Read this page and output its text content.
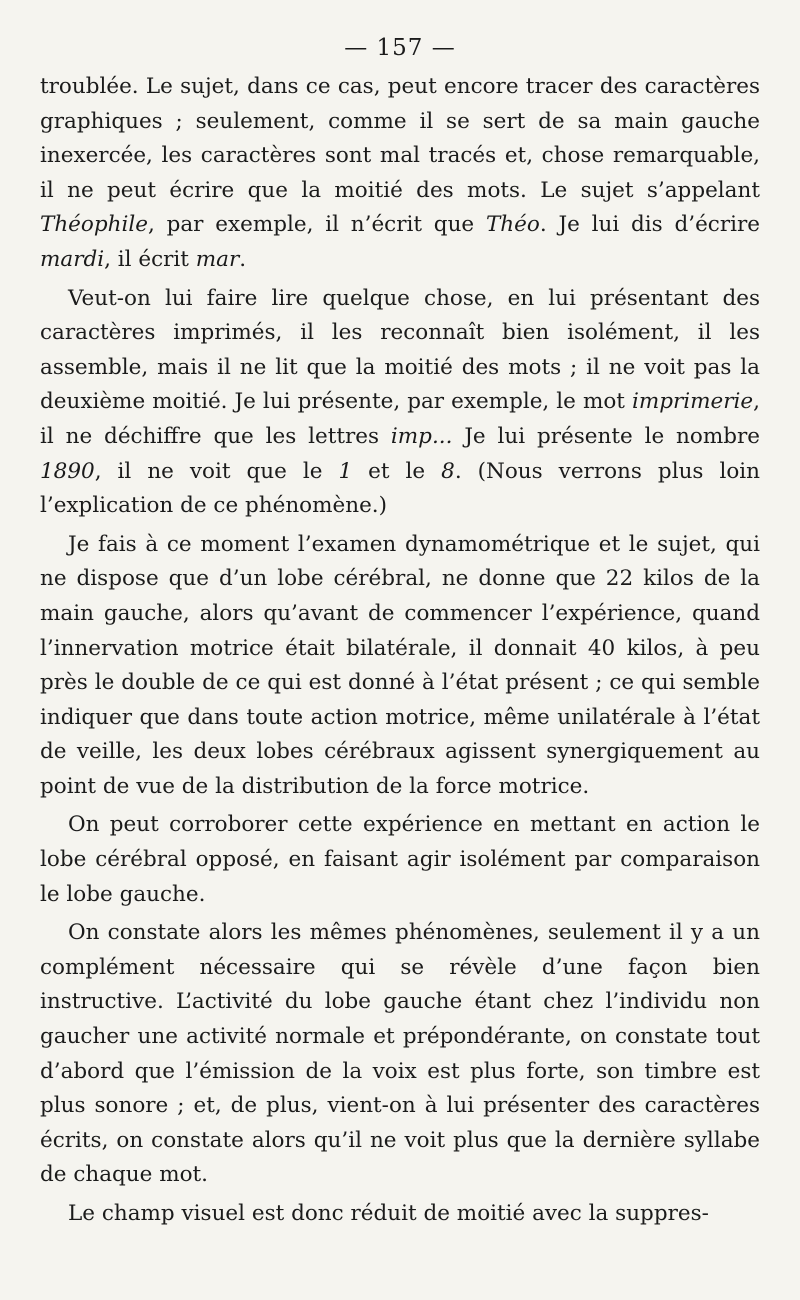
— 157 —

troublée. Le sujet, dans ce cas, peut encore tracer des caractères graphiques ; seulement, comme il se sert de sa main gauche inexercée, les caractères sont mal tracés et, chose remarquable, il ne peut écrire que la moitié des mots. Le sujet s’appelant Théophile, par exemple, il n’écrit que Théo. Je lui dis d’écrire mardi, il écrit mar.

Veut-on lui faire lire quelque chose, en lui présentant des caractères imprimés, il les reconnaît bien isolément, il les assemble, mais il ne lit que la moitié des mots ; il ne voit pas la deuxième moitié. Je lui présente, par exemple, le mot imprimerie, il ne déchiffre que les lettres imp... Je lui présente le nombre 1890, il ne voit que le 1 et le 8. (Nous verrons plus loin l’explication de ce phénomène.)

Je fais à ce moment l’examen dynamométrique et le sujet, qui ne dispose que d’un lobe cérébral, ne donne que 22 kilos de la main gauche, alors qu’avant de commencer l’expérience, quand l’innervation motrice était bilatérale, il donnait 40 kilos, à peu près le double de ce qui est donné à l’état présent ; ce qui semble indiquer que dans toute action motrice, même unilatérale à l’état de veille, les deux lobes cérébraux agissent synergiquement au point de vue de la distribution de la force motrice.

On peut corroborer cette expérience en mettant en action le lobe cérébral opposé, en faisant agir isolément par comparaison le lobe gauche.

On constate alors les mêmes phénomènes, seulement il y a un complément nécessaire qui se révèle d’une façon bien instructive. L’activité du lobe gauche étant chez l’individu non gaucher une activité normale et prépondérante, on constate tout d’abord que l’émission de la voix est plus forte, son timbre est plus sonore ; et, de plus, vient-on à lui présenter des caractères écrits, on constate alors qu’il ne voit plus que la dernière syllabe de chaque mot.

Le champ visuel est donc réduit de moitié avec la suppres-
